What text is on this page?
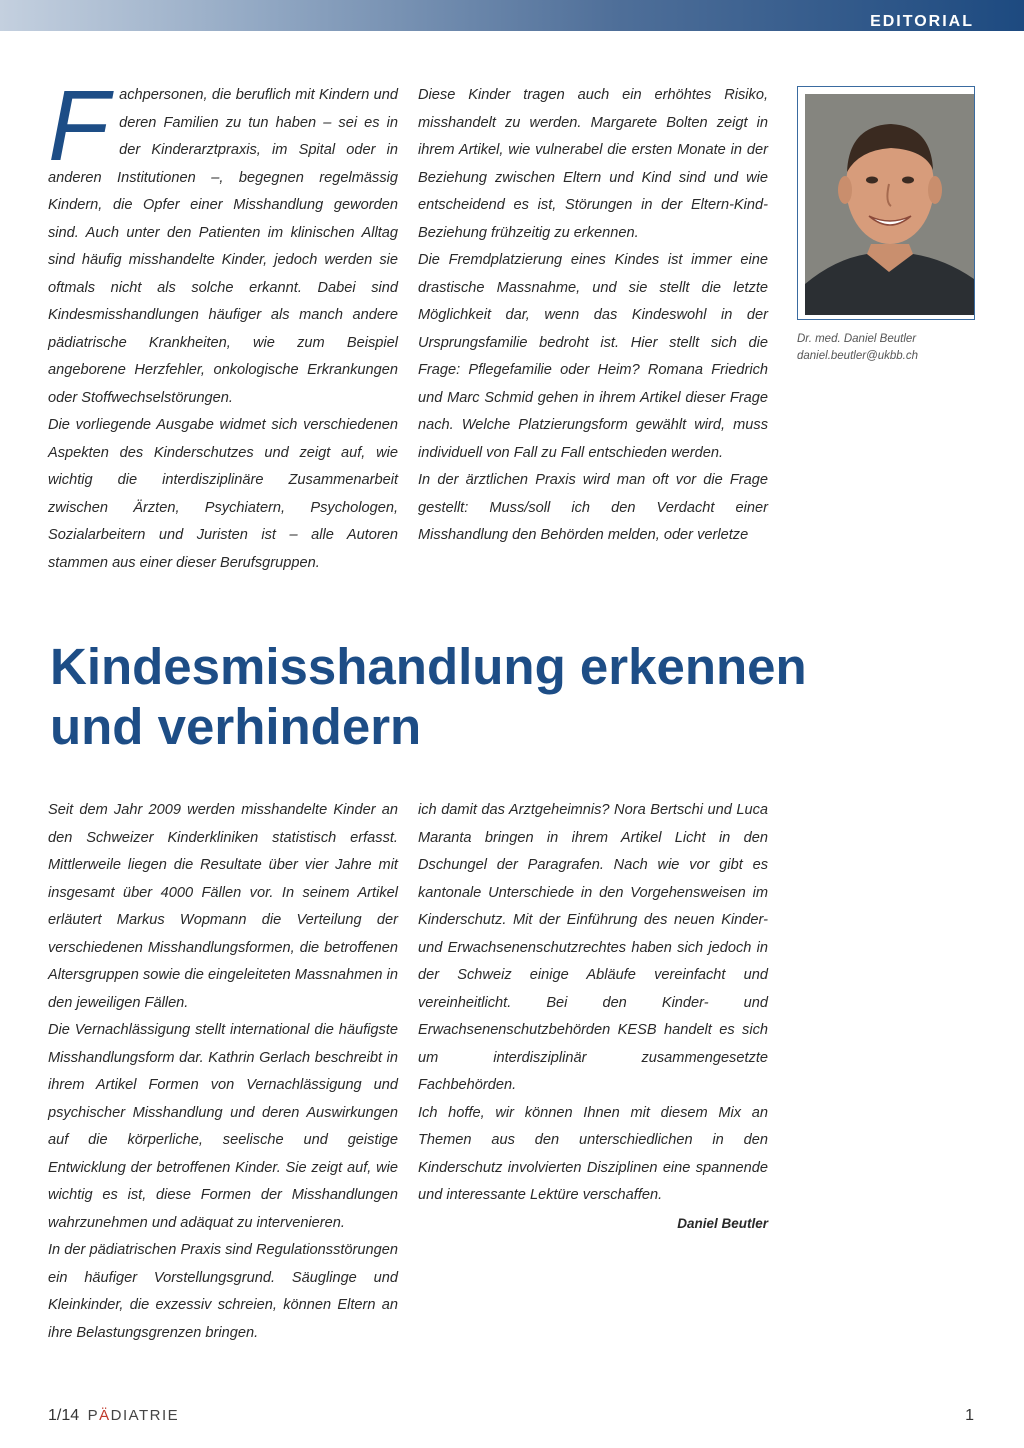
EDITORIAL
F achpersonen, die beruflich mit Kindern und deren Familien zu tun haben – sei es in der Kinderarztpraxis, im Spital oder in anderen Institutionen –, begegnen regelmässig Kindern, die Opfer einer Misshandlung geworden sind. Auch unter den Patienten im klinischen Alltag sind häufig misshandelte Kinder, jedoch werden sie oftmals nicht als solche erkannt. Dabei sind Kindesmisshandlungen häufiger als manch andere pädiatrische Krankheiten, wie zum Beispiel angeborene Herzfehler, onkologische Erkrankungen oder Stoffwechselstörungen.

Die vorliegende Ausgabe widmet sich verschiedenen Aspekten des Kinderschutzes und zeigt auf, wie wichtig die interdisziplinäre Zusammenarbeit zwischen Ärzten, Psychiatern, Psychologen, Sozialarbeitern und Juristen ist – alle Autoren stammen aus einer dieser Berufsgruppen.

Diese Kinder tragen auch ein erhöhtes Risiko, misshandelt zu werden. Margarete Bolten zeigt in ihrem Artikel, wie vulnerabel die ersten Monate in der Beziehung zwischen Eltern und Kind sind und wie entscheidend es ist, Störungen in der Eltern-Kind-Beziehung frühzeitig zu erkennen.

Die Fremdplatzierung eines Kindes ist immer eine drastische Massnahme, und sie stellt die letzte Möglichkeit dar, wenn das Kindeswohl in der Ursprungsfamilie bedroht ist. Hier stellt sich die Frage: Pflegefamilie oder Heim? Romana Friedrich und Marc Schmid gehen in ihrem Artikel dieser Frage nach. Welche Platzierungsform gewählt wird, muss individuell von Fall zu Fall entschieden werden.

In der ärztlichen Praxis wird man oft vor die Frage gestellt: Muss/soll ich den Verdacht einer Misshandlung den Behörden melden, oder verletze

Dr. med. Daniel Beutler
daniel.beutler@ukbb.ch
Kindesmisshandlung erkennen
und verhindern

Seit dem Jahr 2009 werden misshandelte Kinder an den Schweizer Kinderkliniken statistisch erfasst. Mittlerweile liegen die Resultate über vier Jahre mit insgesamt über 4000 Fällen vor. In seinem Artikel erläutert Markus Wopmann die Verteilung der verschiedenen Misshandlungsformen, die betroffenen Altersgruppen sowie die eingeleiteten Massnahmen in den jeweiligen Fällen.

Die Vernachlässigung stellt international die häufigste Misshandlungsform dar. Kathrin Gerlach beschreibt in ihrem Artikel Formen von Vernachlässigung und psychischer Misshandlung und deren Auswirkungen auf die körperliche, seelische und geistige Entwicklung der betroffenen Kinder. Sie zeigt auf, wie wichtig es ist, diese Formen der Misshandlungen wahrzunehmen und adäquat zu intervenieren.

In der pädiatrischen Praxis sind Regulationsstörungen ein häufiger Vorstellungsgrund. Säuglinge und Kleinkinder, die exzessiv schreien, können Eltern an ihre Belastungsgrenzen bringen.

ich damit das Arztgeheimnis? Nora Bertschi und Luca Maranta bringen in ihrem Artikel Licht in den Dschungel der Paragrafen. Nach wie vor gibt es kantonale Unterschiede in den Vorgehensweisen im Kinderschutz. Mit der Einführung des neuen Kinder- und Erwachsenenschutzrechtes haben sich jedoch in der Schweiz einige Abläufe vereinfacht und vereinheitlicht. Bei den Kinder- und Erwachsenenschutzbehörden KESB handelt es sich um interdisziplinär zusammengesetzte Fachbehörden.

Ich hoffe, wir können Ihnen mit diesem Mix an Themen aus den unterschiedlichen in den Kinderschutz involvierten Disziplinen eine spannende und interessante Lektüre verschaffen.

Daniel Beutler

1/14 PÄDIATRIE	1
